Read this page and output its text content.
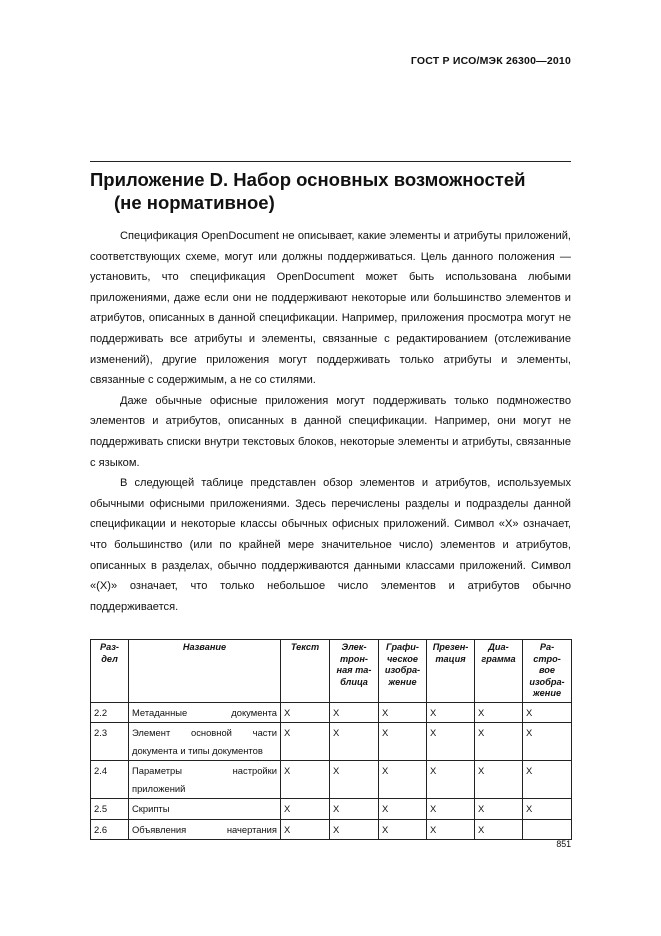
ГОСТ Р ИСО/МЭК 26300—2010
Приложение D. Набор основных возможностей
(не нормативное)

Спецификация OpenDocument не описывает, какие элементы и атрибуты приложений, соответствующих схеме, могут или должны поддерживаться. Цель данного положения — установить, что спецификация OpenDocument может быть использована любыми приложениями, даже если они не поддерживают некоторые или большинство элементов и атрибутов, описанных в данной спецификации. Например, приложения просмотра могут не поддерживать все атрибуты и элементы, связанные с редактированием (отслеживание изменений), другие приложения могут поддерживать только атрибуты и элементы, связанные с содержимым, а не со стилями.

Даже обычные офисные приложения могут поддерживать только подмножество элементов и атрибутов, описанных в данной спецификации. Например, они могут не поддерживать списки внутри текстовых блоков, некоторые элементы и атрибуты, связанные с языком.

В следующей таблице представлен обзор элементов и атрибутов, используемых обычными офисными приложениями. Здесь перечислены разделы и подразделы данной спецификации и некоторые классы обычных офисных приложений. Символ «X» означает, что большинство (или по крайней мере значительное число) элементов и атрибутов, описанных в разделах, обычно поддерживаются данными классами приложений. Символ «(X)» означает, что только небольшое число элементов и атрибутов обычно поддерживается.

Раз-
дел	Название	Текст	Элек-
трон-
ная та-
блица	Графи-
ческое
изобра-
жение	Презен-
тация	Диа-
грамма	Ра-
стро-
вое
изобра-
жение
2.2	Метаданные документа	X	X	X	X	X	X
2.3	Элемент основной части
документа и типы документов	X	X	X	X	X	X
2.4	Параметры настройки
приложений	X	X	X	X	X	X
2.5	Скрипты	X	X	X	X	X	X
2.6	Объявления начертания	X	X	X	X	X	
851
